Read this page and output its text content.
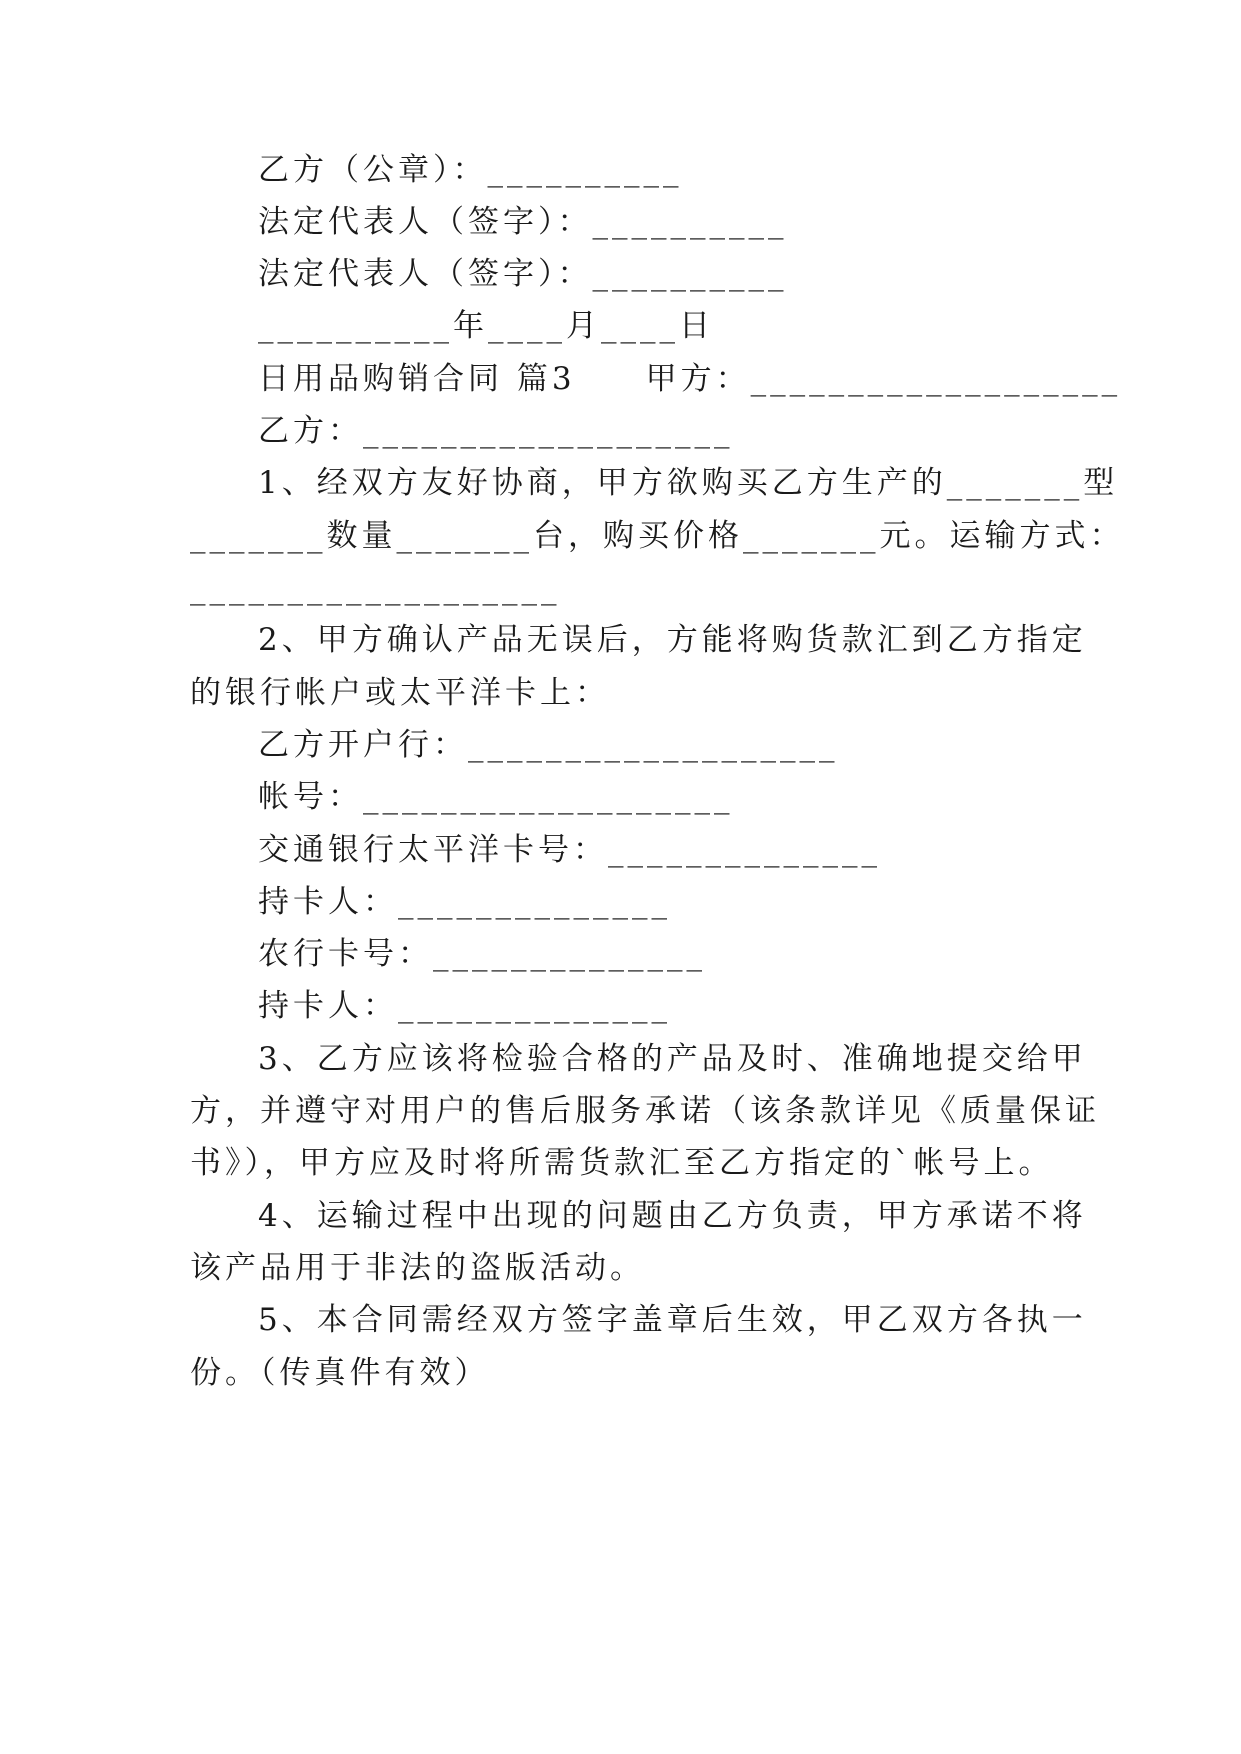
乙方（公章）：__________
法定代表人（签字）：__________
法定代表人（签字）：__________
__________年____月____日
日用品购销合同 篇3　　甲方：___________________
乙方：___________________
1、经双方友好协商，甲方欲购买乙方生产的_______型
_______数量_______台，购买价格_______元。运输方式：
___________________
2、甲方确认产品无误后，方能将购货款汇到乙方指定
的银行帐户或太平洋卡上：
乙方开户行：___________________
帐号：___________________
交通银行太平洋卡号：______________
持卡人：______________
农行卡号：______________
持卡人：______________
3、乙方应该将检验合格的产品及时、准确地提交给甲
方，并遵守对用户的售后服务承诺（该条款详见《质量保证
书》），甲方应及时将所需货款汇至乙方指定的`帐号上。
4、运输过程中出现的问题由乙方负责，甲方承诺不将
该产品用于非法的盗版活动。
5、本合同需经双方签字盖章后生效，甲乙双方各执一
份。（传真件有效）
